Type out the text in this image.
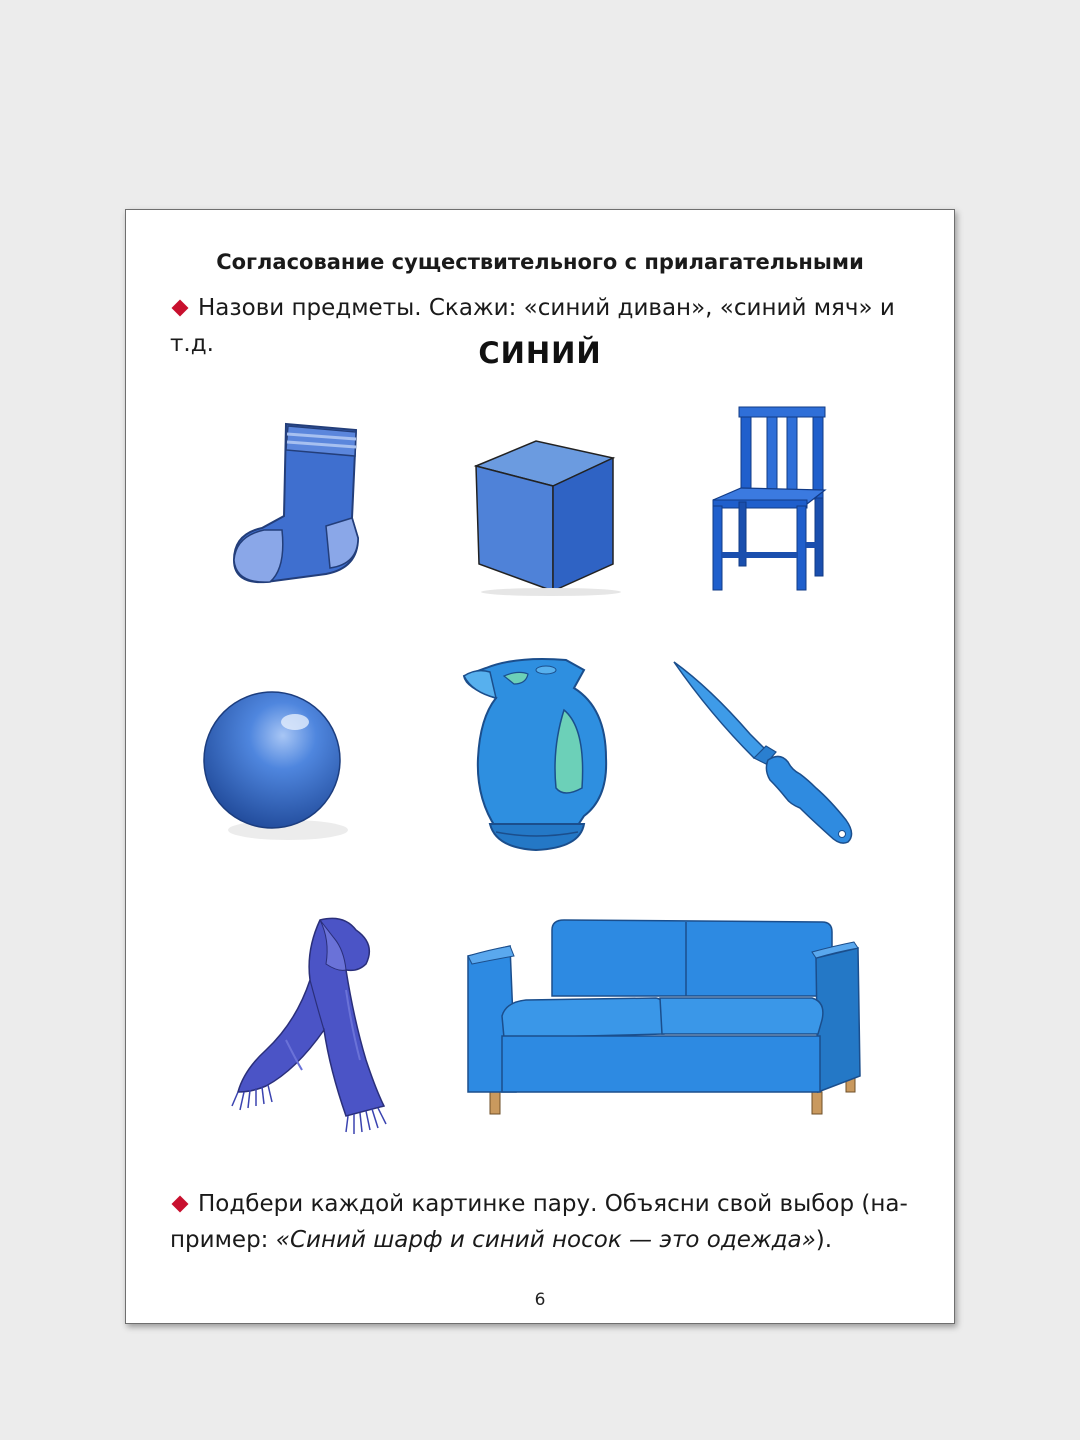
Согласование существительного с прилагательными
Назови предметы. Скажи: «синий диван», «синий мяч» и т.д.	СИНИЙ
Подбери каждой картинке пару. Объясни свой выбор (на-
пример: «Синий шарф и синий носок — это одежда»).
6
